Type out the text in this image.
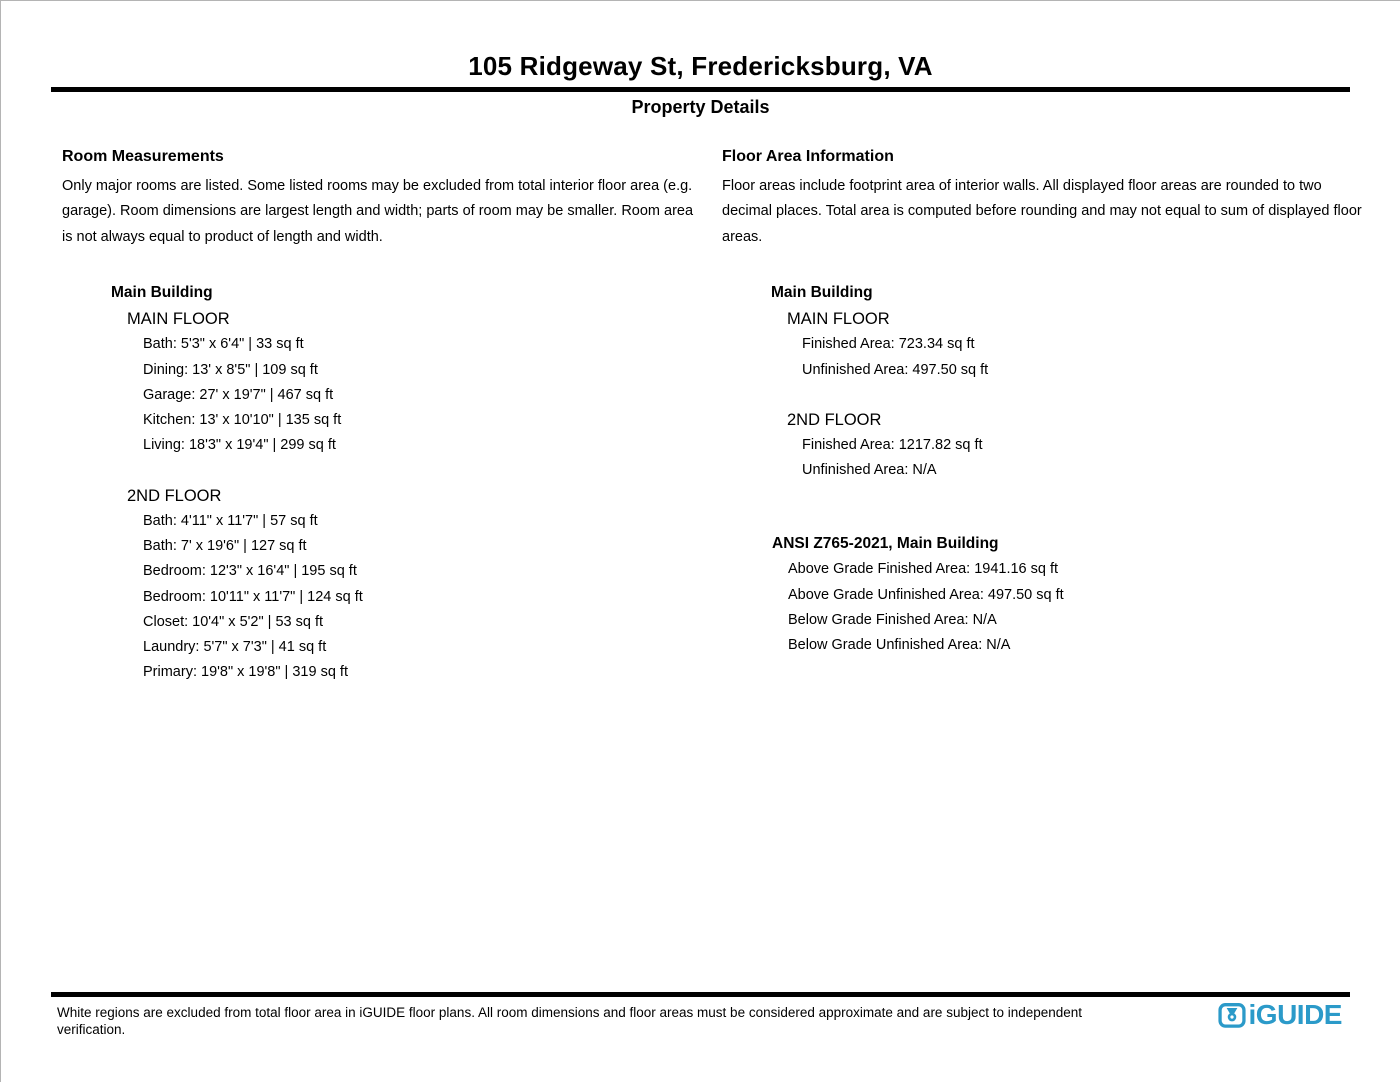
105 Ridgeway St, Fredericksburg, VA
Property Details
Room Measurements

Only major rooms are listed. Some listed rooms may be excluded from total interior floor area (e.g. garage). Room dimensions are largest length and width; parts of room may be smaller. Room area is not always equal to product of length and width.

Main Building
MAIN FLOOR
Bath: 5'3" x 6'4" | 33 sq ft
Dining: 13' x 8'5" | 109 sq ft
Garage: 27' x 19'7" | 467 sq ft
Kitchen: 13' x 10'10" | 135 sq ft
Living: 18'3" x 19'4" | 299 sq ft
2ND FLOOR
Bath: 4'11" x 11'7" | 57 sq ft
Bath: 7' x 19'6" | 127 sq ft
Bedroom: 12'3" x 16'4" | 195 sq ft
Bedroom: 10'11" x 11'7" | 124 sq ft
Closet: 10'4" x 5'2" | 53 sq ft
Laundry: 5'7" x 7'3" | 41 sq ft
Primary: 19'8" x 19'8" | 319 sq ft
Floor Area Information

Floor areas include footprint area of interior walls. All displayed floor areas are rounded to two decimal places. Total area is computed before rounding and may not equal to sum of displayed floor areas.

Main Building
MAIN FLOOR
Finished Area: 723.34 sq ft
Unfinished Area: 497.50 sq ft
2ND FLOOR
Finished Area: 1217.82 sq ft
Unfinished Area: N/A
ANSI Z765-2021, Main Building
Above Grade Finished Area: 1941.16 sq ft
Above Grade Unfinished Area: 497.50 sq ft
Below Grade Finished Area: N/A
Below Grade Unfinished Area: N/A
White regions are excluded from total floor area in iGUIDE floor plans. All room dimensions and floor areas must be considered approximate and are subject to independent verification.	iGUIDE
